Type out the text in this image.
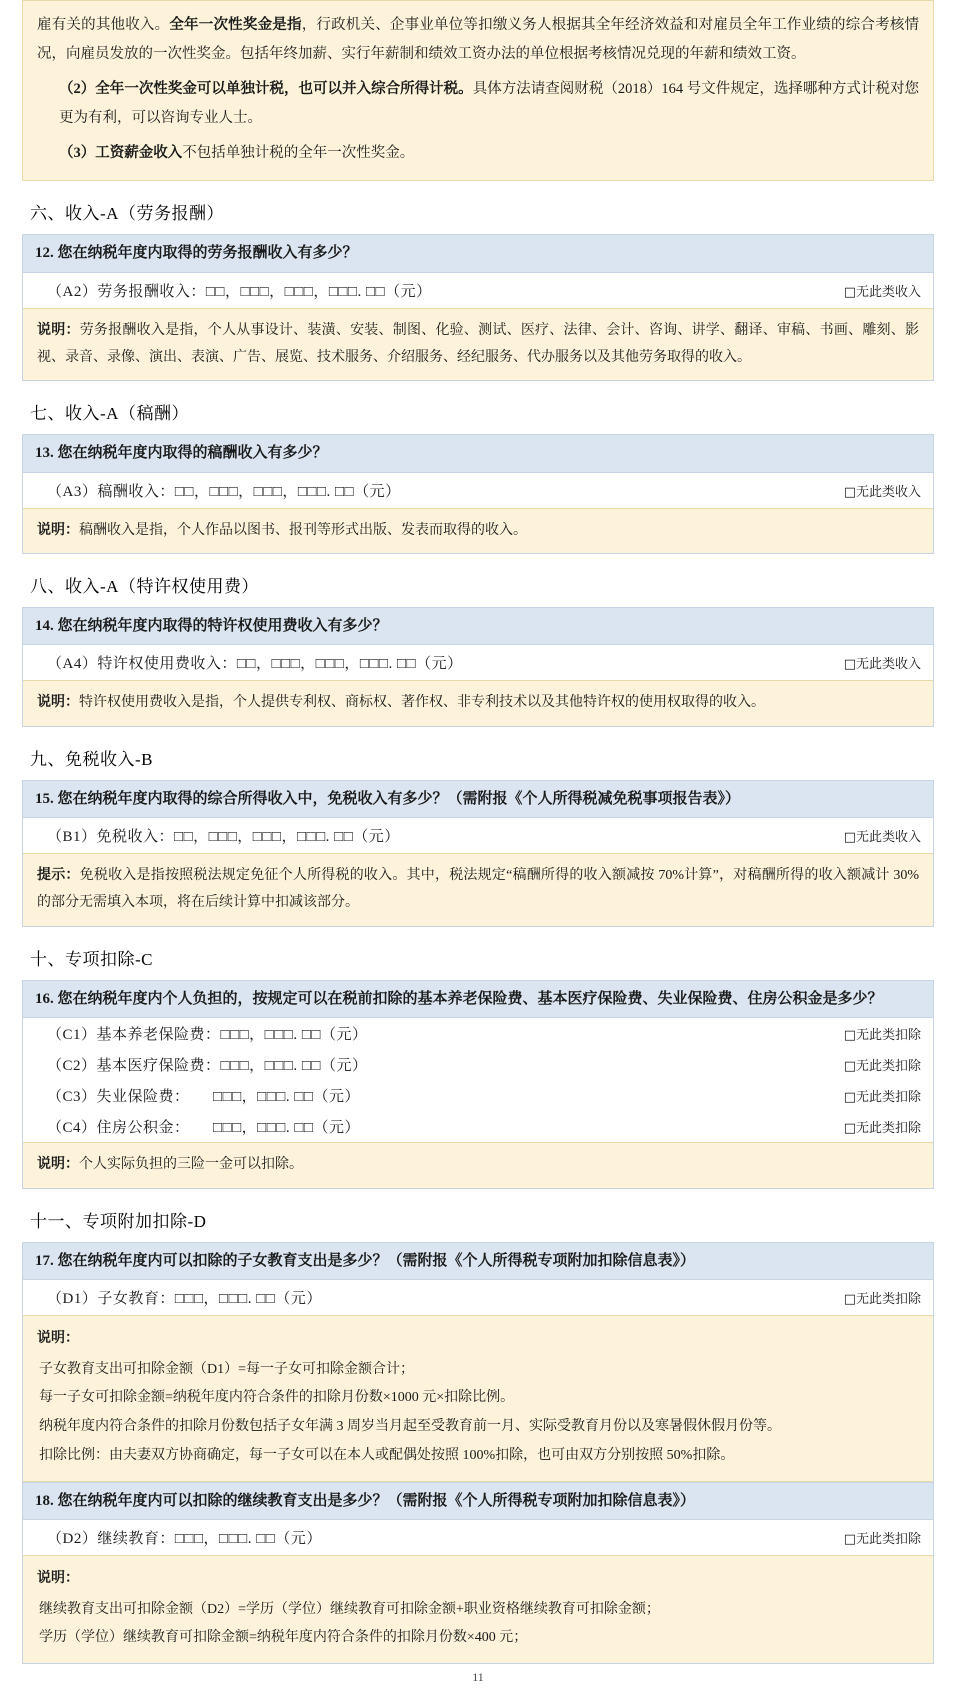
雇有关的其他收入。全年一次性奖金是指，行政机关、企事业单位等扣缴义务人根据其全年经济效益和对雇员全年工作业绩的综合考核情况，向雇员发放的一次性奖金。包括年终加薪、实行年薪制和绩效工资办法的单位根据考核情况兑现的年薪和绩效工资。

（2）全年一次性奖金可以单独计税，也可以并入综合所得计税。具体方法请查阅财税（2018）164 号文件规定，选择哪种方式计税对您更为有利，可以咨询专业人士。

（3）工资薪金收入不包括单独计税的全年一次性奖金。

六、收入-A（劳务报酬）
12. 您在纳税年度内取得的劳务报酬收入有多少？
（A2）劳务报酬收入：□□，□□□，□□□，□□□. □□（元）	□无此类收入

说明：劳务报酬收入是指，个人从事设计、装潢、安装、制图、化验、测试、医疗、法律、会计、咨询、讲学、翻译、审稿、书画、雕刻、影视、录音、录像、演出、表演、广告、展览、技术服务、介绍服务、经纪服务、代办服务以及其他劳务取得的收入。

七、收入-A（稿酬）
13. 您在纳税年度内取得的稿酬收入有多少？
（A3）稿酬收入：□□，□□□，□□□，□□□. □□（元）	□无此类收入

说明：稿酬收入是指，个人作品以图书、报刊等形式出版、发表而取得的收入。

八、收入-A（特许权使用费）
14. 您在纳税年度内取得的特许权使用费收入有多少？
（A4）特许权使用费收入：□□，□□□，□□□，□□□. □□（元）	□无此类收入

说明：特许权使用费收入是指，个人提供专利权、商标权、著作权、非专利技术以及其他特许权的使用权取得的收入。

九、免税收入-B
15. 您在纳税年度内取得的综合所得收入中，免税收入有多少？（需附报《个人所得税减免税事项报告表》）
（B1）免税收入：□□，□□□，□□□，□□□. □□（元）	□无此类收入

提示：免税收入是指按照税法规定免征个人所得税的收入。其中，税法规定“稿酬所得的收入额减按 70%计算”，对稿酬所得的收入额减计 30%的部分无需填入本项，将在后续计算中扣减该部分。

十、专项扣除-C
16. 您在纳税年度内个人负担的，按规定可以在税前扣除的基本养老保险费、基本医疗保险费、失业保险费、住房公积金是多少？
（C1）基本养老保险费：□□□，□□□. □□（元）	□无此类扣除
（C2）基本医疗保险费：□□□，□□□. □□（元）	□无此类扣除
（C3）失业保险费：　　□□□，□□□. □□（元）	□无此类扣除
（C4）住房公积金：　　□□□，□□□. □□（元）	□无此类扣除

说明：个人实际负担的三险一金可以扣除。

十一、专项附加扣除-D
17. 您在纳税年度内可以扣除的子女教育支出是多少？（需附报《个人所得税专项附加扣除信息表》）
（D1）子女教育：□□□，□□□. □□（元）	□无此类扣除
说明：

子女教育支出可扣除金额（D1）=每一子女可扣除金额合计；

每一子女可扣除金额=纳税年度内符合条件的扣除月份数×1000 元×扣除比例。

纳税年度内符合条件的扣除月份数包括子女年满 3 周岁当月起至受教育前一月、实际受教育月份以及寒暑假休假月份等。

扣除比例：由夫妻双方协商确定，每一子女可以在本人或配偶处按照 100%扣除，也可由双方分别按照 50%扣除。

18. 您在纳税年度内可以扣除的继续教育支出是多少？（需附报《个人所得税专项附加扣除信息表》）
（D2）继续教育：□□□，□□□. □□（元）	□无此类扣除
说明：

继续教育支出可扣除金额（D2）=学历（学位）继续教育可扣除金额+职业资格继续教育可扣除金额；

学历（学位）继续教育可扣除金额=纳税年度内符合条件的扣除月份数×400 元；

11
